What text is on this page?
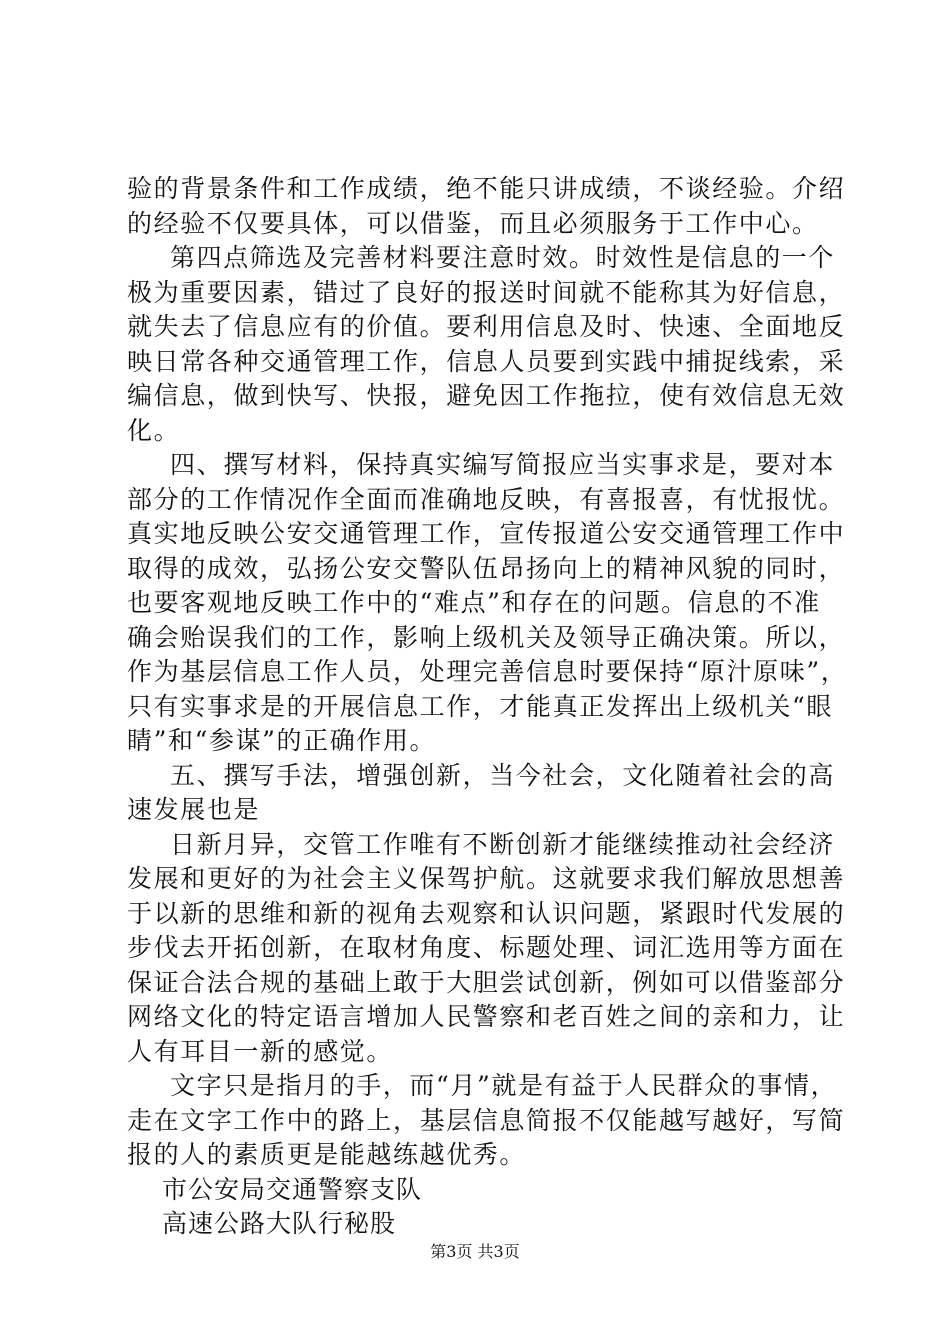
验的背景条件和工作成绩，绝不能只讲成绩，不谈经验。介绍
的经验不仅要具体，可以借鉴，而且必须服务于工作中心。
第四点筛选及完善材料要注意时效。时效性是信息的一个
极为重要因素，错过了良好的报送时间就不能称其为好信息，
就失去了信息应有的价值。要利用信息及时、快速、全面地反
映日常各种交通管理工作，信息人员要到实践中捕捉线索，采
编信息，做到快写、快报，避免因工作拖拉，使有效信息无效
化。
四、撰写材料，保持真实编写简报应当实事求是，要对本
部分的工作情况作全面而准确地反映，有喜报喜，有忧报忧。
真实地反映公安交通管理工作，宣传报道公安交通管理工作中
取得的成效，弘扬公安交警队伍昂扬向上的精神风貌的同时，
也要客观地反映工作中的“难点”和存在的问题。信息的不准
确会贻误我们的工作，影响上级机关及领导正确决策。所以，
作为基层信息工作人员，处理完善信息时要保持“原汁原味”，
只有实事求是的开展信息工作，才能真正发挥出上级机关“眼
睛”和“参谋”的正确作用。
五、撰写手法，增强创新，当今社会，文化随着社会的高
速发展也是
日新月异，交管工作唯有不断创新才能继续推动社会经济
发展和更好的为社会主义保驾护航。这就要求我们解放思想善
于以新的思维和新的视角去观察和认识问题，紧跟时代发展的
步伐去开拓创新，在取材角度、标题处理、词汇选用等方面在
保证合法合规的基础上敢于大胆尝试创新，例如可以借鉴部分
网络文化的特定语言增加人民警察和老百姓之间的亲和力，让
人有耳目一新的感觉。
文字只是指月的手，而“月”就是有益于人民群众的事情，
走在文字工作中的路上，基层信息简报不仅能越写越好，写简
报的人的素质更是能越练越优秀。
市公安局交通警察支队
高速公路大队行秘股
第3页 共3页
